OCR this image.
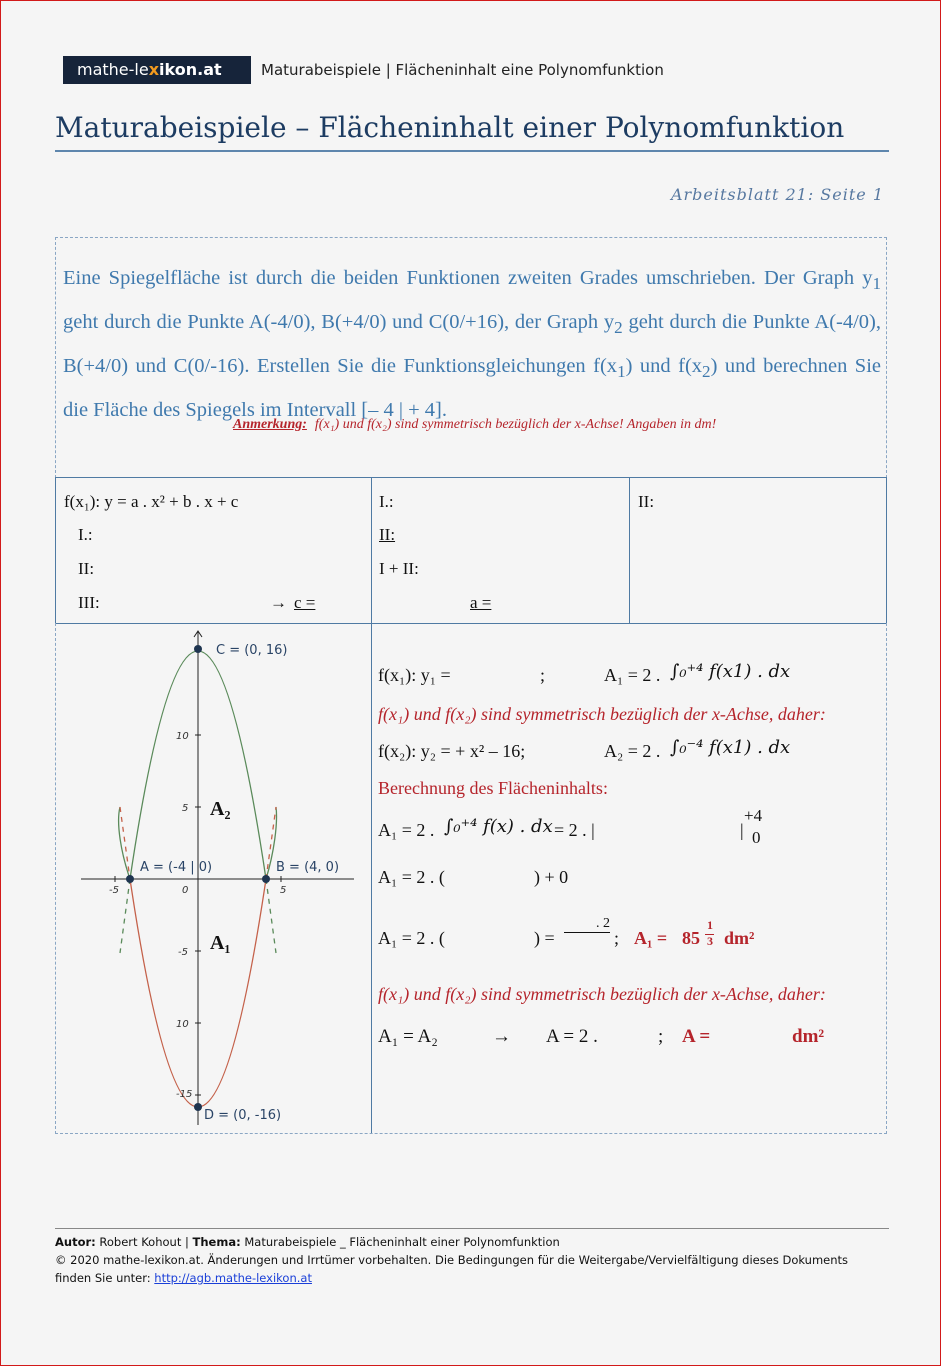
mathe-lexikon.at	Maturabeispiele | Flächeninhalt eine Polynomfunktion
Maturabeispiele – Flächeninhalt einer Polynomfunktion
Arbeitsblatt 21: Seite 1
Eine Spiegelfläche ist durch die beiden Funktionen zweiten Grades umschrieben. Der Graph $y_1$ geht durch die Punkte A(-4/0), B(+4/0) und C(0/+16), der Graph $y_2$ geht durch die Punkte A(-4/0), B(+4/0) und C(0/-16). Erstellen Sie die Funktionsgleichungen $f(x_1)$ und $f(x_2)$ und berechnen Sie die Fläche des Spiegels im Intervall [– 4 | + 4].
Anmerkung: f(x₁) und f(x₂) sind symmetrisch bezüglich der x-Achse! Angaben in dm!
f(x₁): y = a . x² + b . x + c
I.:
II:
III:	→ c =
I.:
II:
I + II:
a =
II:
C = (0, 16)
A = (-4 | 0)	B = (4, 0)
D = (0, -16)
A₂
A₁
10
5
0
-5
10
-15
-5	5
f(x₁): y₁ =	;	A₁ = 2 . ∫₀⁺⁴ f(x1) . dx
f(x₁) und f(x₂) sind symmetrisch bezüglich der x-Achse, daher:
f(x₂): y₂ = + x² – 16;	A₂ = 2 . ∫₀⁻⁴ f(x1) . dx
Berechnung des Flächeninhalts:
A₁ = 2 . ∫₀⁺⁴ f(x) . dx = 2 . |	|
+4
0
A₁ = 2 . (	) + 0
A₁ = 2 . (	) =
. 2
; A₁ = 85
1
3 dm²
f(x₁) und f(x₂) sind symmetrisch bezüglich der x-Achse, daher:
A₁ = A₂	→ A = 2 .	; A =	dm²
Autor: Robert Kohout | Thema: Maturabeispiele _ Flächeninhalt einer Polynomfunktion
© 2020 mathe-lexikon.at. Änderungen und Irrtümer vorbehalten. Die Bedingungen für die Weitergabe/Vervielfältigung dieses Dokuments
finden Sie unter: http://agb.mathe-lexikon.at
